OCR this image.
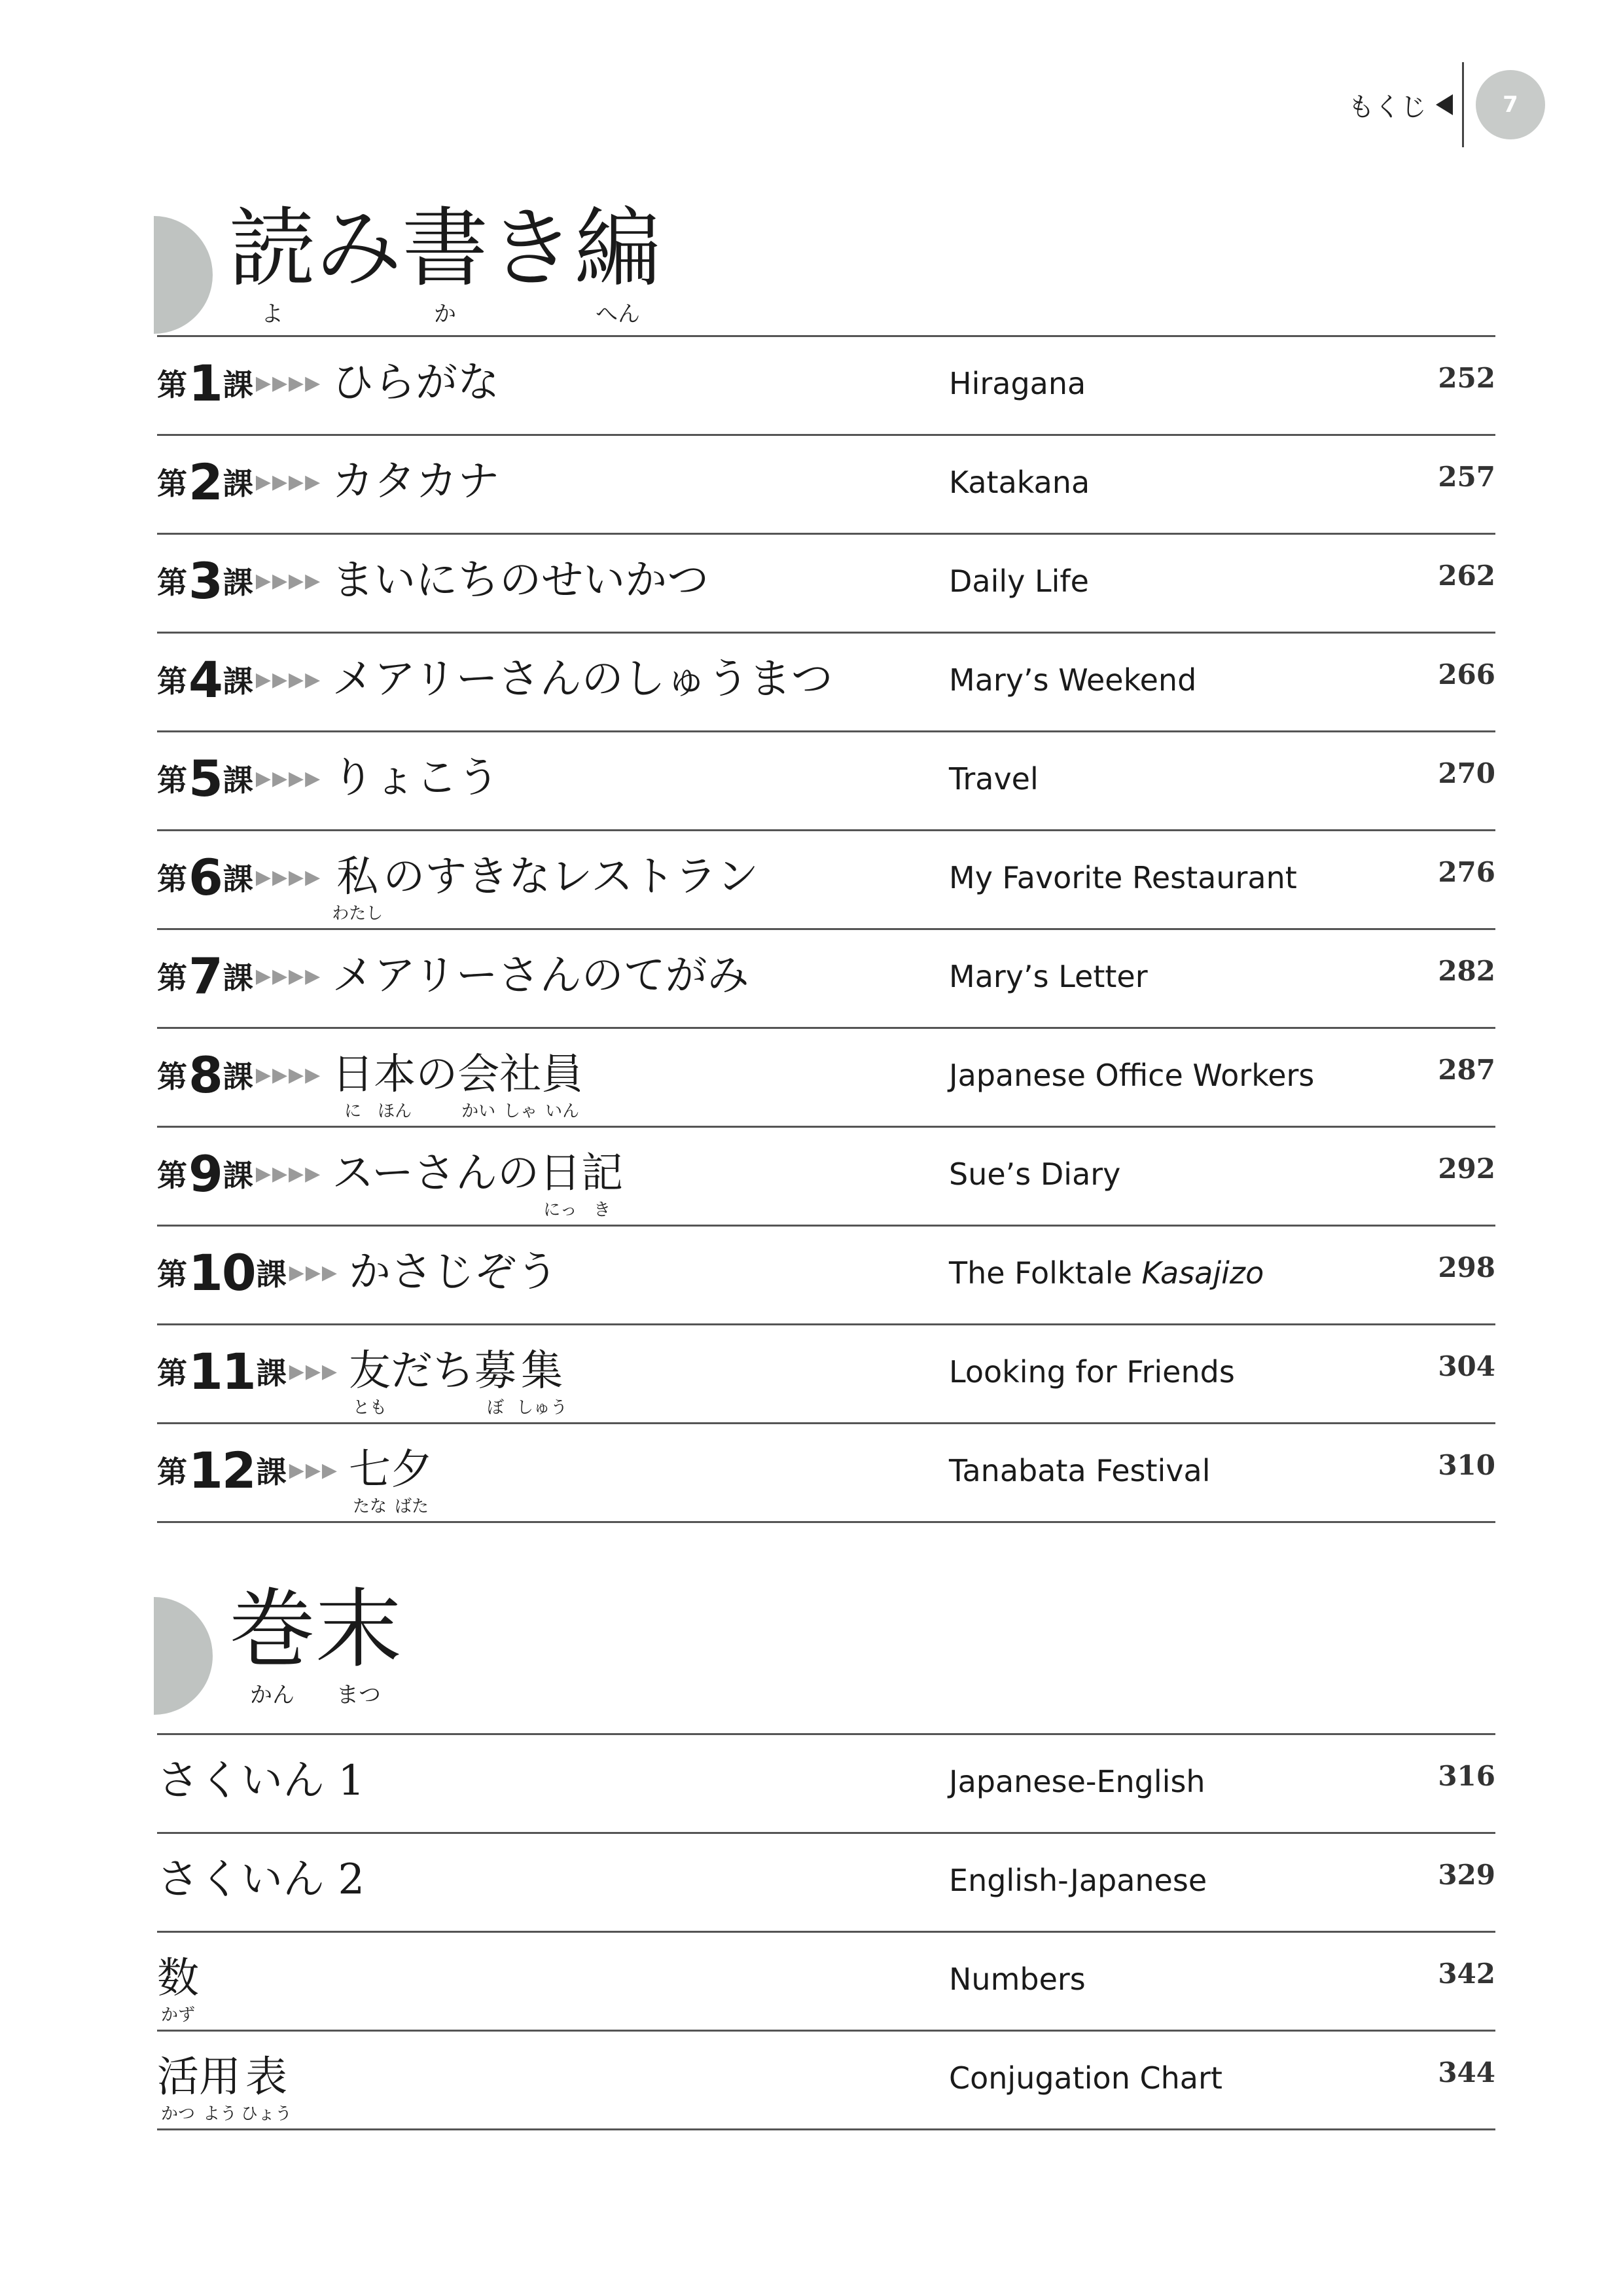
もくじ	7
読
よ
み 書
か
き 編
へん
第 1 課 ▶▶▶▶ ひらがな	Hiragana	252
第 2 課 ▶▶▶▶ カタカナ	Katakana	257
第 3 課 ▶▶▶▶ まいにちのせいかつ	Daily Life	262
第 4 課 ▶▶▶▶ メアリーさんのしゅうまつ	Mary’s Weekend	266
第 5 課 ▶▶▶▶ りょこう	Travel	270
第 6 課 ▶▶▶▶ 私
わたし
のすきなレストラン	My Favorite Restaurant	276
第 7 課 ▶▶▶▶ メアリーさんのてがみ	Mary’s Letter	282
第 8 課 ▶▶▶▶ 日
に
本
ほん
の 会
かい
社
しゃ
員
いん
Japanese Office Workers	287
第 9 課 ▶▶▶▶ スーさんの 日
にっ
記
き
Sue’s Diary	292
第 10 課 ▶▶▶ かさじぞう	The Folktale Kasajizo	298
第 11 課 ▶▶▶ 友
とも
だち 募
ぼ
集
しゅう
Looking for Friends	304
第 12 課 ▶▶▶ 七
たな
夕
ばた
Tanabata Festival	310
巻
かん
末
まつ
さくいん 1	Japanese-English	316
さくいん 2	English-Japanese	329
数
かず
Numbers	342
活
かつ
用
よう
表
ひょう
Conjugation Chart	344
